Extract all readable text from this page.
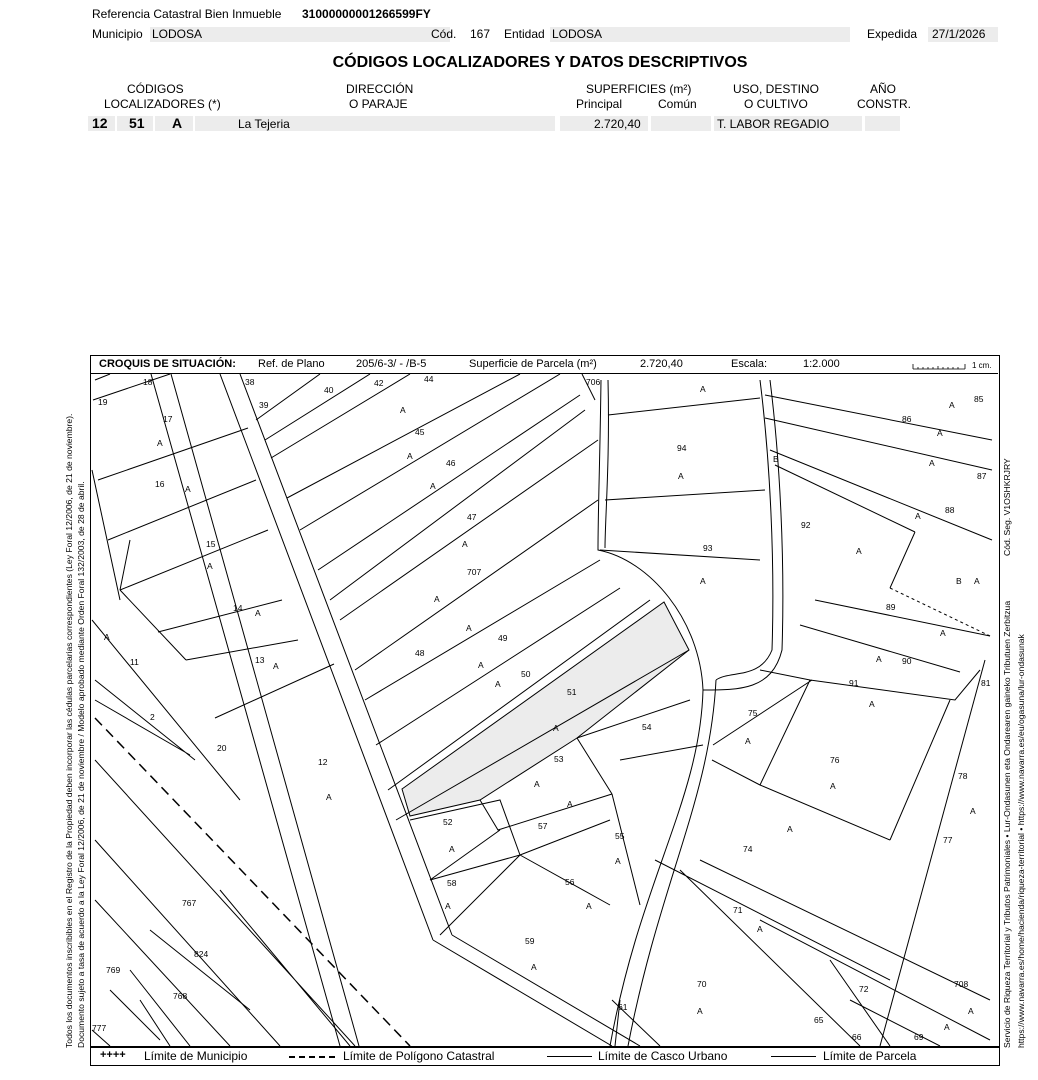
Referencia Catastral Bien Inmueble 31000000001266599FY
Municipio LODOSA	Cód. 167 Entidad LODOSA	Expedida 27/1/2026
CÓDIGOS LOCALIZADORES Y DATOS DESCRIPTIVOS
CÓDIGOS
LOCALIZADORES (*)
DIRECCIÓN
O PARAJE
SUPERFICIES (m²)
Principal	Común
USO, DESTINO
O CULTIVO
AÑO
CONSTR.
12 51 A	La Tejeria	2.720,40	T. LABOR REGADIO
Todos los documentos inscribibles en el Registro de la Propiedad deben incorporar las cédulas parcelarias correspondientes (Ley Foral 12/2006, de 21 de noviembre). Documento sujeto a tasa de acuerdo a la Ley Foral 12/2006, de 21 de noviembre / Modelo aprobado mediante Orden Foral 132/2003, de 28 de abril.	Servicio de Riqueza Territorial y Tributos Patrimoniales • Lur-Ondasunen eta Ondarearen gaineko Tributuen Zerbitzua https://www.navarra.es/home/hacienda/riqueza-territorial • https://www.navarra.es/eu/ogasuna/lur-ondasunak
Cód. Seg. V1OSHKRJRY
CROQUIS DE SITUACIÓN: Ref. de Plano	205/6-3/ - /B-5	Superficie de Parcela (m²)	2.720,40	Escala:	1:2.000	1 cm.
18
19
17
16
15
14
13
11
2
20
12
38
39
40
42	44
45
46
47
707
48
49
50
51
52
53
54
55
56
57
58
59
61
65
66	69
70
71
72
74
75
76
77
78
81
85
86
87
88
89
90
91
92
93
94
706
708
767
768
769
777
824
B
B
A
A
A
A
A
A
A
A
A
A
A
A
A
A
A
A
A
A
A
A
A
A
A
A
A
A
A
A
A
A
A
A
A
A
A
A
A
A
A
A
A
A
A
++++ Límite de Municipio	Límite de Polígono Catastral	Límite de Casco Urbano	Límite de Parcela
